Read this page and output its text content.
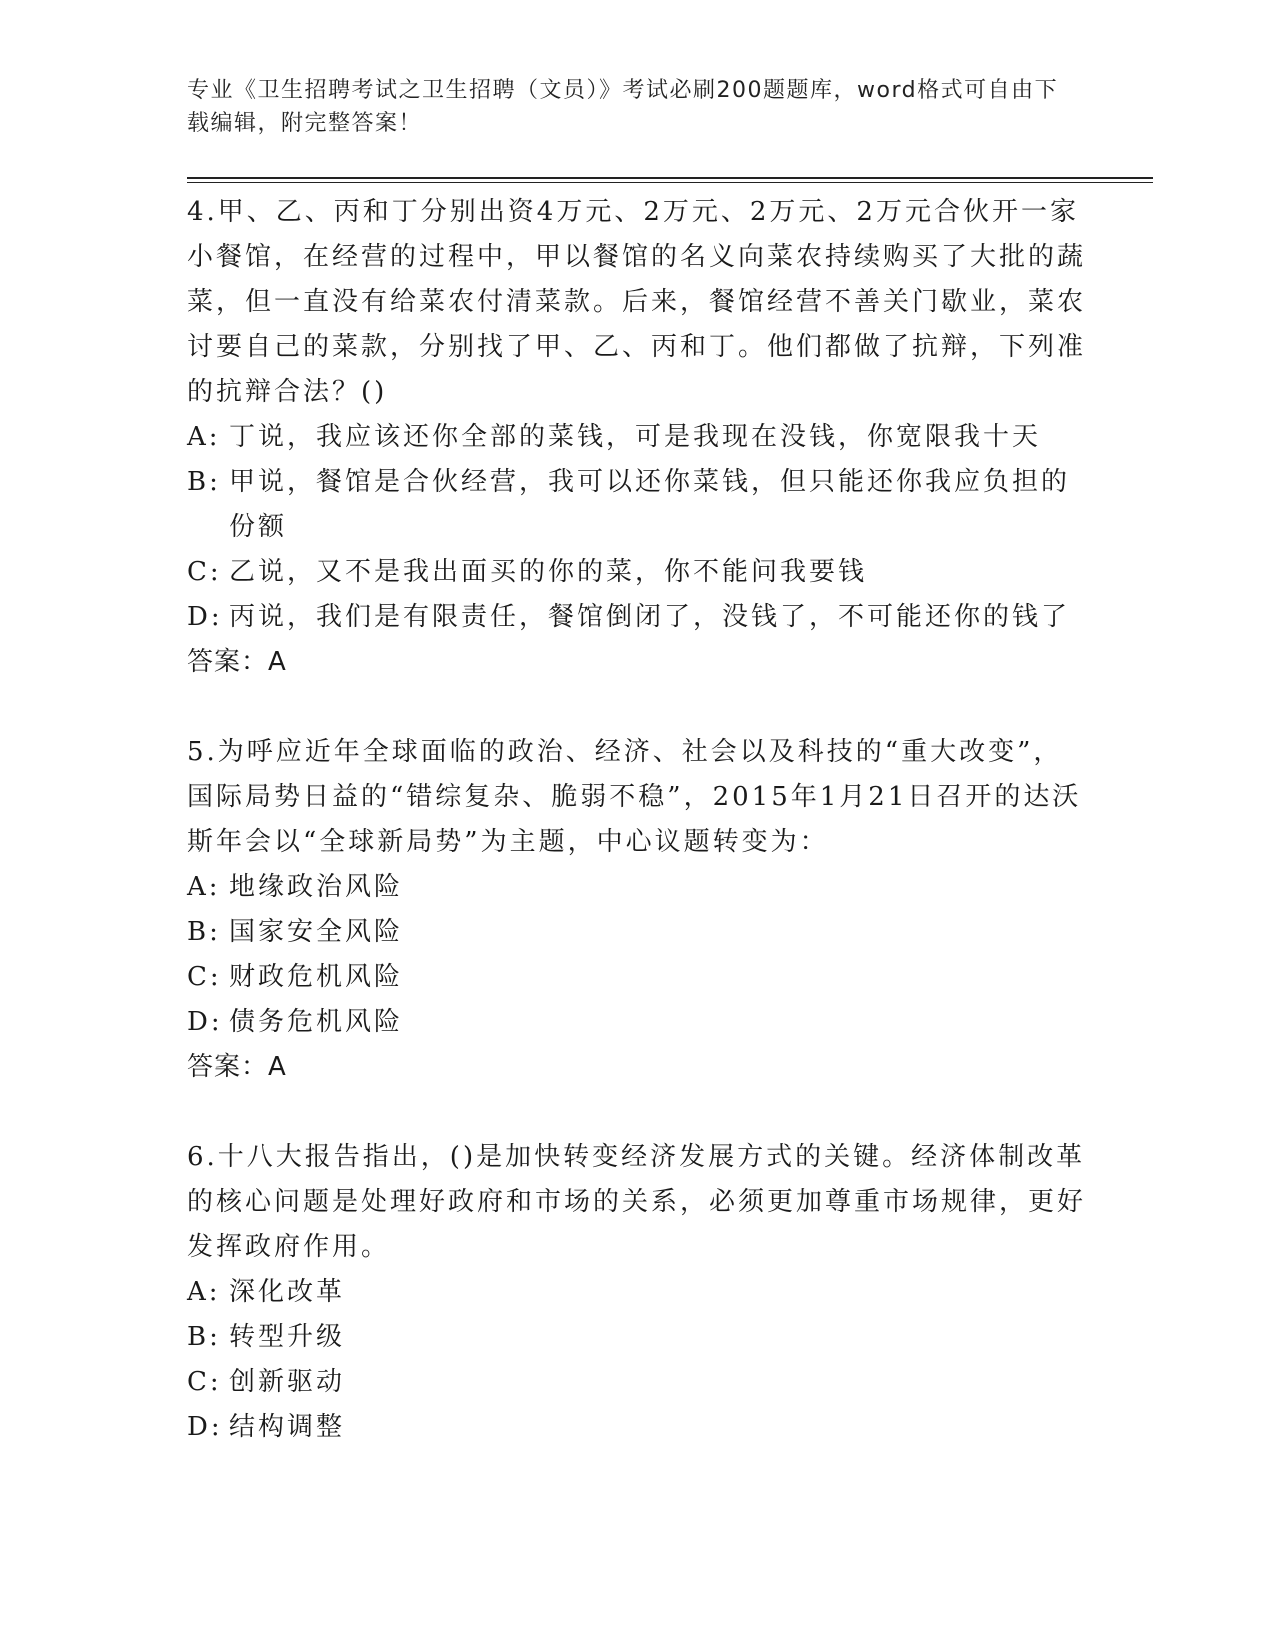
专业《卫生招聘考试之卫生招聘（文员）》考试必刷200题题库，word格式可自由下载编辑，附完整答案！

4.甲、乙、丙和丁分别出资4万元、2万元、2万元、2万元合伙开一家小餐馆，在经营的过程中，甲以餐馆的名义向菜农持续购买了大批的蔬菜，但一直没有给菜农付清菜款。后来，餐馆经营不善关门歇业，菜农讨要自己的菜款，分别找了甲、乙、丙和丁。他们都做了抗辩，下列准的抗辩合法？()

A: 丁说，我应该还你全部的菜钱，可是我现在没钱，你宽限我十天
B: 甲说，餐馆是合伙经营，我可以还你菜钱，但只能还你我应负担的份额
C: 乙说，又不是我出面买的你的菜，你不能问我要钱
D: 丙说，我们是有限责任，餐馆倒闭了，没钱了，不可能还你的钱了

答案：A

5.为呼应近年全球面临的政治、经济、社会以及科技的“重大改变”，国际局势日益的“错综复杂、脆弱不稳”，2015年1月21日召开的达沃斯年会以“全球新局势”为主题，中心议题转变为：

A: 地缘政治风险
B: 国家安全风险
C: 财政危机风险
D: 债务危机风险

答案：A

6.十八大报告指出，()是加快转变经济发展方式的关键。经济体制改革的核心问题是处理好政府和市场的关系，必须更加尊重市场规律，更好发挥政府作用。

A: 深化改革
B: 转型升级
C: 创新驱动
D: 结构调整
